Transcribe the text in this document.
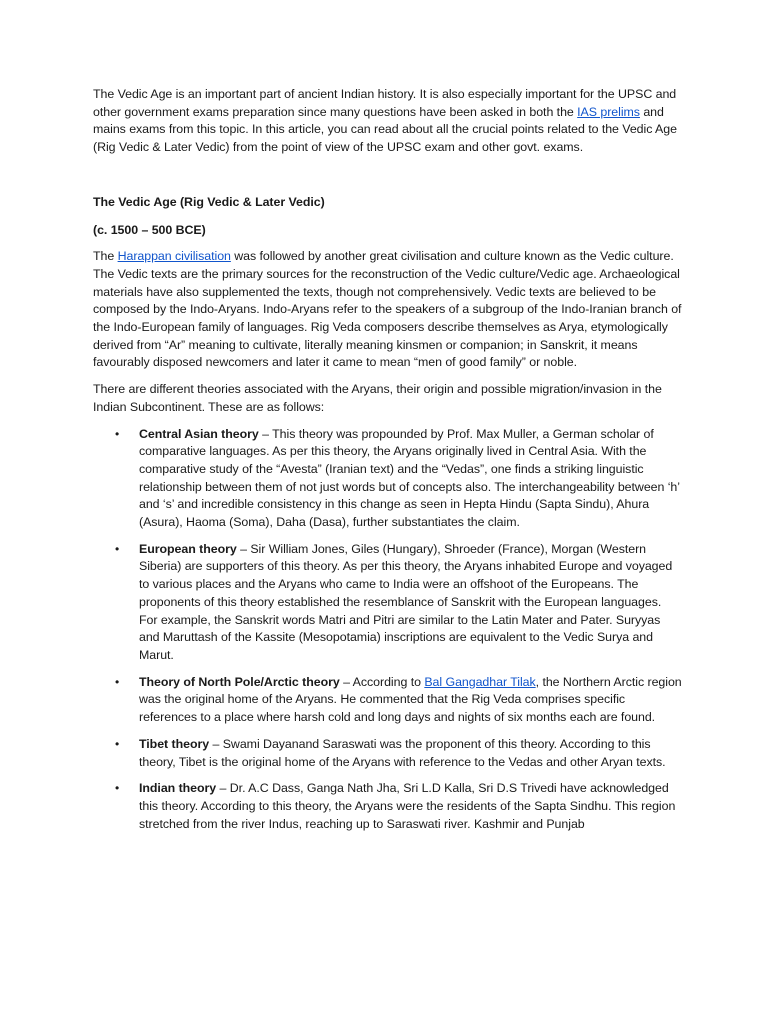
The Vedic Age is an important part of ancient Indian history. It is also especially important for the UPSC and other government exams preparation since many questions have been asked in both the IAS prelims and mains exams from this topic. In this article, you can read about all the crucial points related to the Vedic Age (Rig Vedic & Later Vedic) from the point of view of the UPSC exam and other govt. exams.

The Vedic Age (Rig Vedic & Later Vedic)

(c. 1500 – 500 BCE)

The Harappan civilisation was followed by another great civilisation and culture known as the Vedic culture. The Vedic texts are the primary sources for the reconstruction of the Vedic culture/Vedic age. Archaeological materials have also supplemented the texts, though not comprehensively. Vedic texts are believed to be composed by the Indo-Aryans. Indo-Aryans refer to the speakers of a subgroup of the Indo-Iranian branch of the Indo-European family of languages. Rig Veda composers describe themselves as Arya, etymologically derived from “Ar” meaning to cultivate, literally meaning kinsmen or companion; in Sanskrit, it means favourably disposed newcomers and later it came to mean “men of good family” or noble.

There are different theories associated with the Aryans, their origin and possible migration/invasion in the Indian Subcontinent. These are as follows:

• Central Asian theory – This theory was propounded by Prof. Max Muller, a German scholar of comparative languages. As per this theory, the Aryans originally lived in Central Asia. With the comparative study of the “Avesta” (Iranian text) and the “Vedas”, one finds a striking linguistic relationship between them of not just words but of concepts also. The interchangeability between ‘h’ and ‘s’ and incredible consistency in this change as seen in Hepta Hindu (Sapta Sindu), Ahura (Asura), Haoma (Soma), Daha (Dasa), further substantiates the claim.
• European theory – Sir William Jones, Giles (Hungary), Shroeder (France), Morgan (Western Siberia) are supporters of this theory. As per this theory, the Aryans inhabited Europe and voyaged to various places and the Aryans who came to India were an offshoot of the Europeans. The proponents of this theory established the resemblance of Sanskrit with the European languages. For example, the Sanskrit words Matri and Pitri are similar to the Latin Mater and Pater. Suryyas and Maruttash of the Kassite (Mesopotamia) inscriptions are equivalent to the Vedic Surya and Marut.
• Theory of North Pole/Arctic theory – According to Bal Gangadhar Tilak, the Northern Arctic region was the original home of the Aryans. He commented that the Rig Veda comprises specific references to a place where harsh cold and long days and nights of six months each are found.
• Tibet theory – Swami Dayanand Saraswati was the proponent of this theory. According to this theory, Tibet is the original home of the Aryans with reference to the Vedas and other Aryan texts.
• Indian theory – Dr. A.C Dass, Ganga Nath Jha, Sri L.D Kalla, Sri D.S Trivedi have acknowledged this theory. According to this theory, the Aryans were the residents of the Sapta Sindhu. This region stretched from the river Indus, reaching up to Saraswati river. Kashmir and Punjab
